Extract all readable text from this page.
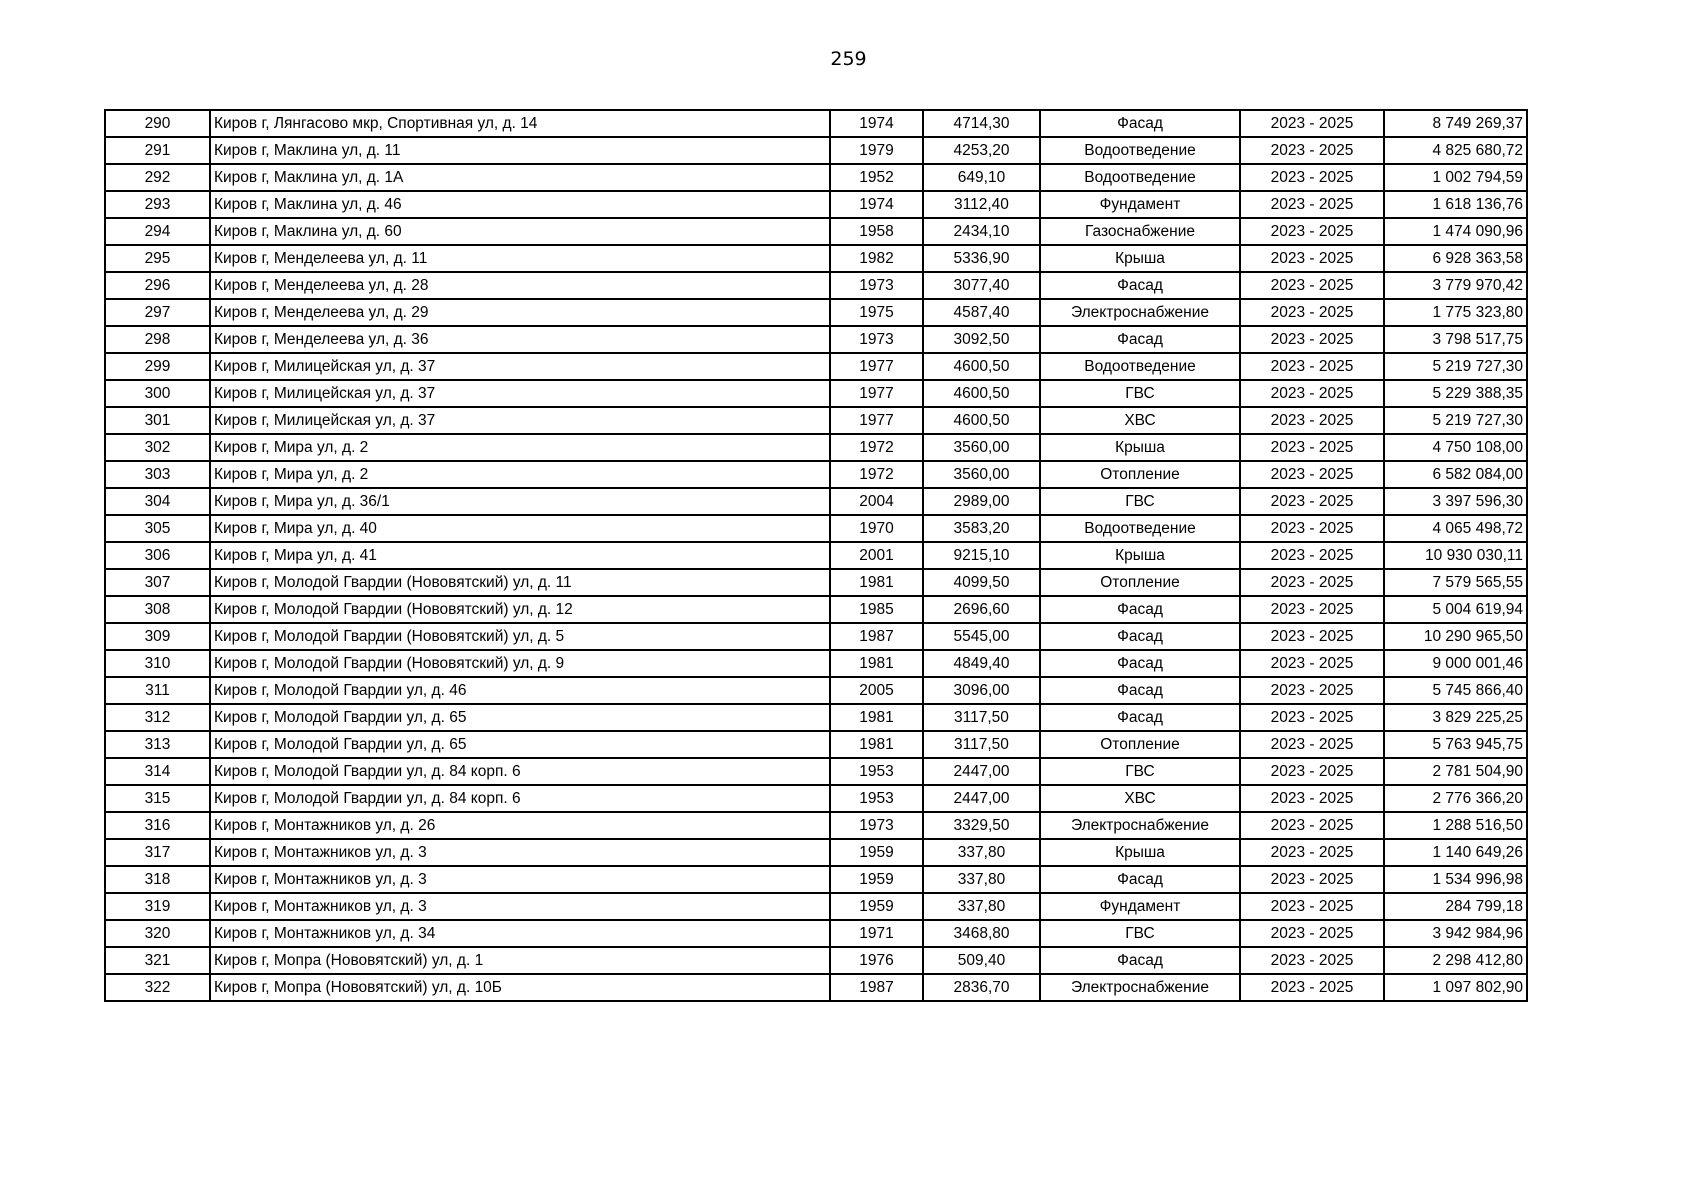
259
290	Киров г, Лянгасово мкр, Спортивная ул, д. 14	1974	4714,30	Фасад	2023 - 2025	8 749 269,37
291	Киров г, Маклина ул, д. 11	1979	4253,20	Водоотведение	2023 - 2025	4 825 680,72
292	Киров г, Маклина ул, д. 1А	1952	649,10	Водоотведение	2023 - 2025	1 002 794,59
293	Киров г, Маклина ул, д. 46	1974	3112,40	Фундамент	2023 - 2025	1 618 136,76
294	Киров г, Маклина ул, д. 60	1958	2434,10	Газоснабжение	2023 - 2025	1 474 090,96
295	Киров г, Менделеева ул, д. 11	1982	5336,90	Крыша	2023 - 2025	6 928 363,58
296	Киров г, Менделеева ул, д. 28	1973	3077,40	Фасад	2023 - 2025	3 779 970,42
297	Киров г, Менделеева ул, д. 29	1975	4587,40	Электроснабжение	2023 - 2025	1 775 323,80
298	Киров г, Менделеева ул, д. 36	1973	3092,50	Фасад	2023 - 2025	3 798 517,75
299	Киров г, Милицейская ул, д. 37	1977	4600,50	Водоотведение	2023 - 2025	5 219 727,30
300	Киров г, Милицейская ул, д. 37	1977	4600,50	ГВС	2023 - 2025	5 229 388,35
301	Киров г, Милицейская ул, д. 37	1977	4600,50	ХВС	2023 - 2025	5 219 727,30
302	Киров г, Мира ул, д. 2	1972	3560,00	Крыша	2023 - 2025	4 750 108,00
303	Киров г, Мира ул, д. 2	1972	3560,00	Отопление	2023 - 2025	6 582 084,00
304	Киров г, Мира ул, д. 36/1	2004	2989,00	ГВС	2023 - 2025	3 397 596,30
305	Киров г, Мира ул, д. 40	1970	3583,20	Водоотведение	2023 - 2025	4 065 498,72
306	Киров г, Мира ул, д. 41	2001	9215,10	Крыша	2023 - 2025	10 930 030,11
307	Киров г, Молодой Гвардии (Нововятский) ул, д. 11	1981	4099,50	Отопление	2023 - 2025	7 579 565,55
308	Киров г, Молодой Гвардии (Нововятский) ул, д. 12	1985	2696,60	Фасад	2023 - 2025	5 004 619,94
309	Киров г, Молодой Гвардии (Нововятский) ул, д. 5	1987	5545,00	Фасад	2023 - 2025	10 290 965,50
310	Киров г, Молодой Гвардии (Нововятский) ул, д. 9	1981	4849,40	Фасад	2023 - 2025	9 000 001,46
311	Киров г, Молодой Гвардии ул, д. 46	2005	3096,00	Фасад	2023 - 2025	5 745 866,40
312	Киров г, Молодой Гвардии ул, д. 65	1981	3117,50	Фасад	2023 - 2025	3 829 225,25
313	Киров г, Молодой Гвардии ул, д. 65	1981	3117,50	Отопление	2023 - 2025	5 763 945,75
314	Киров г, Молодой Гвардии ул, д. 84 корп. 6	1953	2447,00	ГВС	2023 - 2025	2 781 504,90
315	Киров г, Молодой Гвардии ул, д. 84 корп. 6	1953	2447,00	ХВС	2023 - 2025	2 776 366,20
316	Киров г, Монтажников ул, д. 26	1973	3329,50	Электроснабжение	2023 - 2025	1 288 516,50
317	Киров г, Монтажников ул, д. 3	1959	337,80	Крыша	2023 - 2025	1 140 649,26
318	Киров г, Монтажников ул, д. 3	1959	337,80	Фасад	2023 - 2025	1 534 996,98
319	Киров г, Монтажников ул, д. 3	1959	337,80	Фундамент	2023 - 2025	284 799,18
320	Киров г, Монтажников ул, д. 34	1971	3468,80	ГВС	2023 - 2025	3 942 984,96
321	Киров г, Мопра (Нововятский) ул, д. 1	1976	509,40	Фасад	2023 - 2025	2 298 412,80
322	Киров г, Мопра (Нововятский) ул, д. 10Б	1987	2836,70	Электроснабжение	2023 - 2025	1 097 802,90
